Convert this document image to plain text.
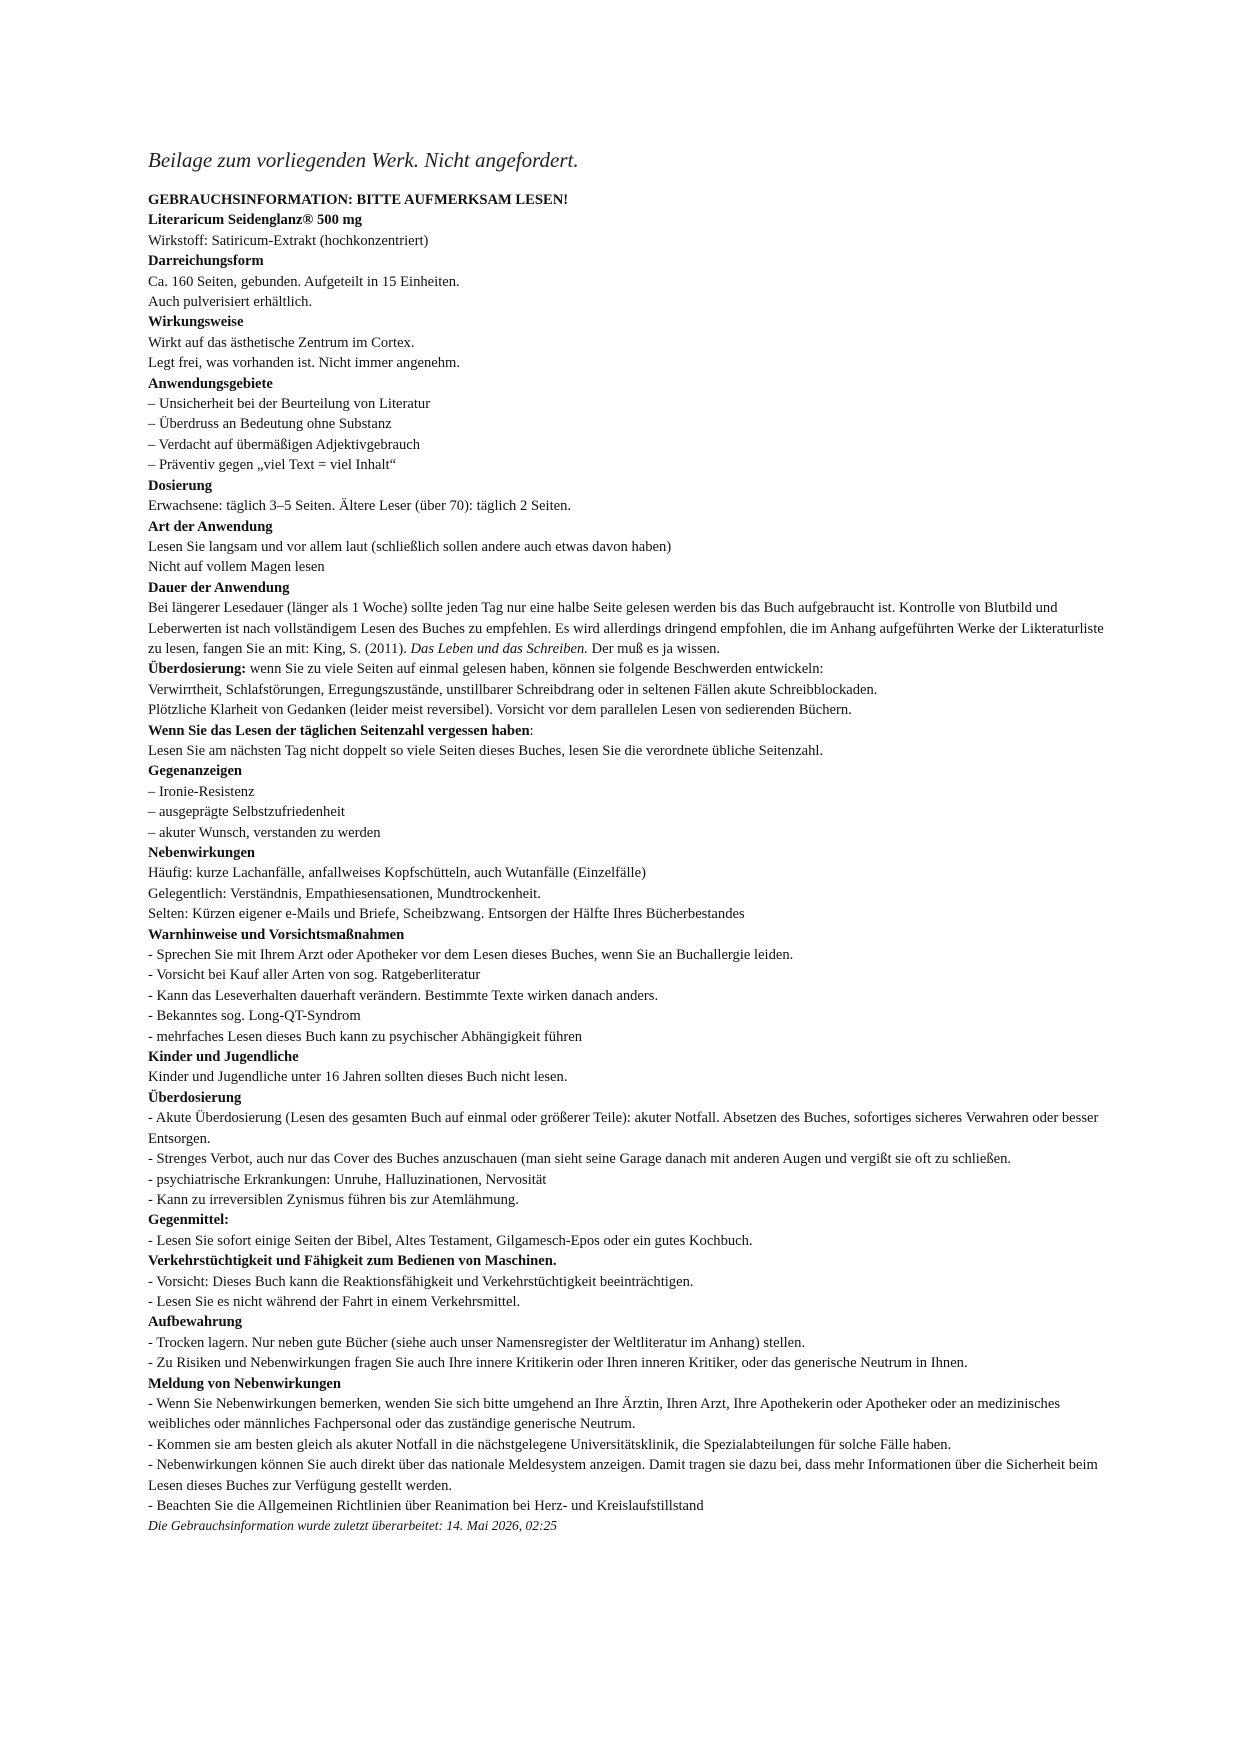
Beilage zum vorliegenden Werk. Nicht angefordert.
GEBRAUCHSINFORMATION: BITTE AUFMERKSAM LESEN!
Literaricum Seidenglanz® 500 mg
Wirkstoff: Satiricum-Extrakt (hochkonzentriert)
Darreichungsform
Ca. 160 Seiten, gebunden. Aufgeteilt in 15 Einheiten.
Auch pulverisiert erhältlich.
Wirkungsweise
Wirkt auf das ästhetische Zentrum im Cortex.
Legt frei, was vorhanden ist. Nicht immer angenehm.
Anwendungsgebiete
– Unsicherheit bei der Beurteilung von Literatur
– Überdruss an Bedeutung ohne Substanz
– Verdacht auf übermäßigen Adjektivgebrauch
– Präventiv gegen „viel Text = viel Inhalt“
Dosierung
Erwachsene: täglich 3–5 Seiten. Ältere Leser (über 70): täglich 2 Seiten.
Art der Anwendung
Lesen Sie langsam und vor allem laut (schließlich sollen andere auch etwas davon haben)
Nicht auf vollem Magen lesen
Dauer der Anwendung
Bei längerer Lesedauer (länger als 1 Woche) sollte jeden Tag nur eine halbe Seite gelesen werden bis das Buch aufgebraucht ist. Kontrolle von Blutbild und Leberwerten ist nach vollständigem Lesen des Buches zu empfehlen. Es wird allerdings dringend empfohlen, die im Anhang aufgeführten Werke der Likteraturliste zu lesen, fangen Sie an mit: King, S. (2011). Das Leben und das Schreiben. Der muß es ja wissen.
Überdosierung: wenn Sie zu viele Seiten auf einmal gelesen haben, können sie folgende Beschwerden entwickeln:
Verwirrtheit, Schlafstörungen, Erregungszustände, unstillbarer Schreibdrang oder in seltenen Fällen akute Schreibblockaden.
Plötzliche Klarheit von Gedanken (leider meist reversibel). Vorsicht vor dem parallelen Lesen von sedierenden Büchern.
Wenn Sie das Lesen der täglichen Seitenzahl vergessen haben:
Lesen Sie am nächsten Tag nicht doppelt so viele Seiten dieses Buches, lesen Sie die verordnete übliche Seitenzahl.
Gegenanzeigen
– Ironie-Resistenz
– ausgeprägte Selbstzufriedenheit
– akuter Wunsch, verstanden zu werden
Nebenwirkungen
Häufig: kurze Lachanfälle, anfallweises Kopfschütteln, auch Wutanfälle (Einzelfälle)
Gelegentlich: Verständnis, Empathiesensationen, Mundtrockenheit.
Selten: Kürzen eigener e-Mails und Briefe, Scheibzwang. Entsorgen der Hälfte Ihres Bücherbestandes
Warnhinweise und Vorsichtsmaßnahmen
- Sprechen Sie mit Ihrem Arzt oder Apotheker vor dem Lesen dieses Buches, wenn Sie an Buchallergie leiden.
- Vorsicht bei Kauf aller Arten von sog. Ratgeberliteratur
- Kann das Leseverhalten dauerhaft verändern. Bestimmte Texte wirken danach anders.
- Bekanntes sog. Long-QT-Syndrom
- mehrfaches Lesen dieses Buch kann zu psychischer Abhängigkeit führen
Kinder und Jugendliche
Kinder und Jugendliche unter 16 Jahren sollten dieses Buch nicht lesen.
Überdosierung
- Akute Überdosierung (Lesen des gesamten Buch auf einmal oder größerer Teile): akuter Notfall. Absetzen des Buches, sofortiges sicheres Verwahren oder besser Entsorgen.
- Strenges Verbot, auch nur das Cover des Buches anzuschauen (man sieht seine Garage danach mit anderen Augen und vergißt sie oft zu schließen.
- psychiatrische Erkrankungen: Unruhe, Halluzinationen, Nervosität
- Kann zu irreversiblen Zynismus führen bis zur Atemlähmung.
Gegenmittel:
- Lesen Sie sofort einige Seiten der Bibel, Altes Testament, Gilgamesch-Epos oder ein gutes Kochbuch.
Verkehrstüchtigkeit und Fähigkeit zum Bedienen von Maschinen.
- Vorsicht: Dieses Buch kann die Reaktionsfähigkeit und Verkehrstüchtigkeit beeinträchtigen.
- Lesen Sie es nicht während der Fahrt in einem Verkehrsmittel.
Aufbewahrung
- Trocken lagern. Nur neben gute Bücher (siehe auch unser Namensregister der Weltliteratur im Anhang) stellen.
- Zu Risiken und Nebenwirkungen fragen Sie auch Ihre innere Kritikerin oder Ihren inneren Kritiker, oder das generische Neutrum in Ihnen.
Meldung von Nebenwirkungen
- Wenn Sie Nebenwirkungen bemerken, wenden Sie sich bitte umgehend an Ihre Ärztin, Ihren Arzt, Ihre Apothekerin oder Apotheker oder an medizinisches weibliches oder männliches Fachpersonal oder das zuständige generische Neutrum.
- Kommen sie am besten gleich als akuter Notfall in die nächstgelegene Universitätsklinik, die Spezialabteilungen für solche Fälle haben.
- Nebenwirkungen können Sie auch direkt über das nationale Meldesystem anzeigen. Damit tragen sie dazu bei, dass mehr Informationen über die Sicherheit beim Lesen dieses Buches zur Verfügung gestellt werden.
- Beachten Sie die Allgemeinen Richtlinien über Reanimation bei Herz- und Kreislaufstillstand
Die Gebrauchsinformation wurde zuletzt überarbeitet: 14. Mai 2026, 02:25
